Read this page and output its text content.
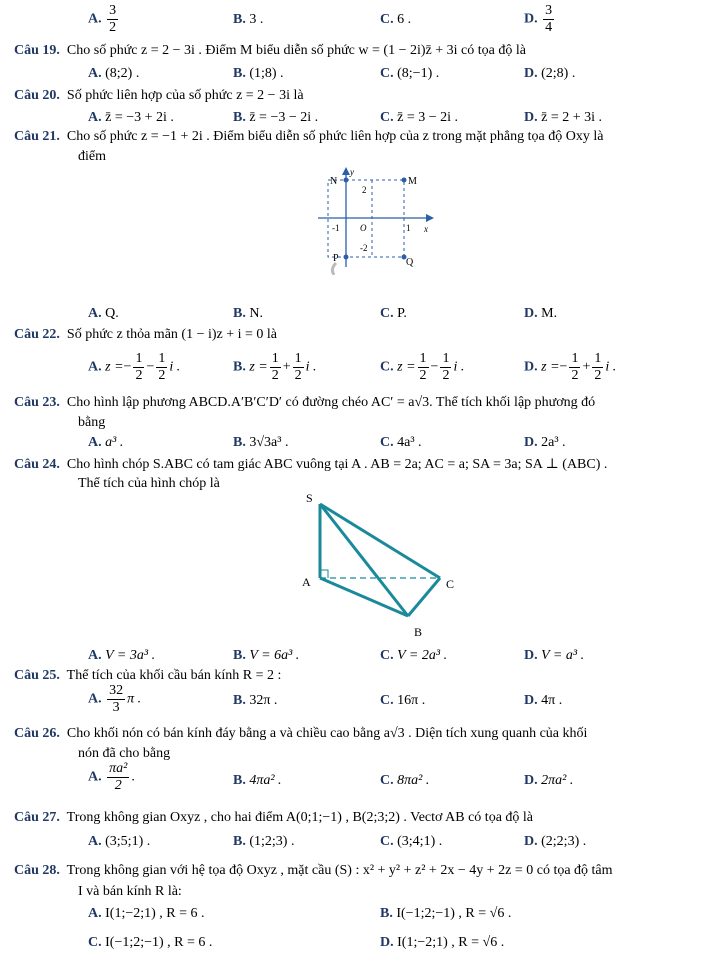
A. $\frac{3}{2}$	B. 3 .	C. 6 .	D. $\frac{3}{4}$
Câu 19. Cho số phức z = 2 − 3i . Điểm M biểu diễn số phức w = (1 − 2i)z̄ + 3i có tọa độ là
A. (8;2) .	B. (1;8) .	C. (8;−1) .	D. (2;8) .
Câu 20. Số phức liên hợp của số phức z = 2 − 3i là
A. z̄ = −3 + 2i .	B. z̄ = −3 − 2i .	C. z̄ = 3 − 2i .	D. z̄ = 2 + 3i .
Câu 21. Cho số phức z = −1 + 2i . Điểm biểu diễn số phức liên hợp của z trong mặt phẳng tọa độ Oxy là
điểm
N	M
P	Q
y
x
O
2
-2
1
-1
A. Q.	B. N.	C. P.	D. M.
Câu 22. Số phức z thỏa mãn (1 − i)z + i = 0 là
A. $z =- \frac{1}{2} - \frac{1}{2}$ i .	B. $z = \frac{1}{2} + \frac{1}{2}$ i .	C. $z = \frac{1}{2} - \frac{1}{2}$ i .	D. $z =- \frac{1}{2} + \frac{1}{2}$ i .
Câu 23. Cho hình lập phương ABCD.A′B′C′D′ có đường chéo AC′ = a√3. Thể tích khối lập phương đó
bằng
A. a³ .	B. 3√3a³ .	C. 4a³ .	D. 2a³ .
Câu 24. Cho hình chóp S.ABC có tam giác ABC vuông tại A . AB = 2a; AC = a; SA = 3a; SA ⊥ (ABC) .
Thể tích của hình chóp là
S
A	C
B
A. V = 3a³ .	B. V = 6a³ .	C. V = 2a³ .	D. V = a³ .
Câu 25. Thể tích của khối cầu bán kính R = 2 :
A. $\frac{32}{3}$ π .	B. 32π .	C. 16π .	D. 4π .
Câu 26. Cho khối nón có bán kính đáy bằng a và chiều cao bằng a√3 . Diện tích xung quanh của khối
nón đã cho bằng
A. $\frac{\text{πa²}}{2}$ .	B. 4πa² .	C. 8πa² .	D. 2πa² .
Câu 27. Trong không gian Oxyz , cho hai điểm A(0;1;−1) , B(2;3;2) . Vectơ AB có tọa độ là
A. (3;5;1) .	B. (1;2;3) .	C. (3;4;1) .	D. (2;2;3) .
Câu 28. Trong không gian với hệ tọa độ Oxyz , mặt cầu (S) : x² + y² + z² + 2x − 4y + 2z = 0 có tọa độ tâm
I và bán kính R là:
A. I(1;−2;1) , R = 6 .	B. I(−1;2;−1) , R = √6 .
C. I(−1;2;−1) , R = 6 .	D. I(1;−2;1) , R = √6 .
